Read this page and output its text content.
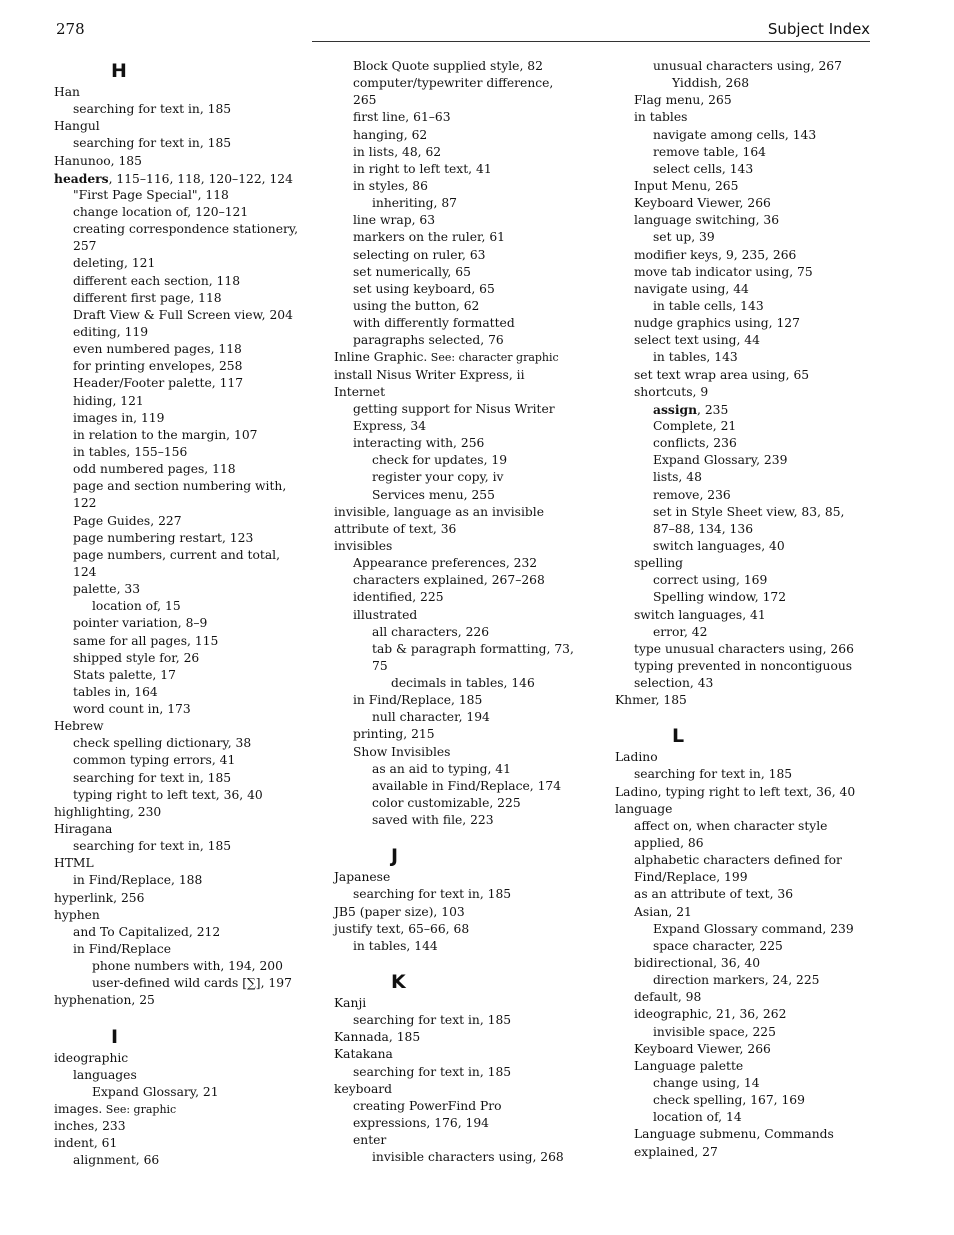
278	Subject Index
H
Han
searching for text in, 185
Hangul
searching for text in, 185
Hanunoo, 185
headers, 115–116, 118, 120–122, 124
"First Page Special", 118
change location of, 120–121
creating correspondence stationery,
257
deleting, 121
different each section, 118
different first page, 118
Draft View & Full Screen view, 204
editing, 119
even numbered pages, 118
for printing envelopes, 258
Header/Footer palette, 117
hiding, 121
images in, 119
in relation to the margin, 107
in tables, 155–156
odd numbered pages, 118
page and section numbering with,
122
Page Guides, 227
page numbering restart, 123
page numbers, current and total,
124
palette, 33
location of, 15
pointer variation, 8–9
same for all pages, 115
shipped style for, 26
Stats palette, 17
tables in, 164
word count in, 173
Hebrew
check spelling dictionary, 38
common typing errors, 41
searching for text in, 185
typing right to left text, 36, 40
highlighting, 230
Hiragana
searching for text in, 185
HTML
in Find/Replace, 188
hyperlink, 256
hyphen
and To Capitalized, 212
in Find/Replace
phone numbers with, 194, 200
user-defined wild cards [∑], 197
hyphenation, 25
I
ideographic
languages
Expand Glossary, 21
images. See: graphic
inches, 233
indent, 61
alignment, 66
Block Quote supplied style, 82
computer/typewriter difference,
265
first line, 61–63
hanging, 62
in lists, 48, 62
in right to left text, 41
in styles, 86
inheriting, 87
line wrap, 63
markers on the ruler, 61
selecting on ruler, 63
set numerically, 65
set using keyboard, 65
using the button, 62
with differently formatted
paragraphs selected, 76
Inline Graphic. See: character graphic
install Nisus Writer Express, ii
Internet
getting support for Nisus Writer
Express, 34
interacting with, 256
check for updates, 19
register your copy, iv
Services menu, 255
invisible, language as an invisible
attribute of text, 36
invisibles
Appearance preferences, 232
characters explained, 267–268
identified, 225
illustrated
all characters, 226
tab & paragraph formatting, 73,
75
decimals in tables, 146
in Find/Replace, 185
null character, 194
printing, 215
Show Invisibles
as an aid to typing, 41
available in Find/Replace, 174
color customizable, 225
saved with file, 223
J
Japanese
searching for text in, 185
JB5 (paper size), 103
justify text, 65–66, 68
in tables, 144
K
Kanji
searching for text in, 185
Kannada, 185
Katakana
searching for text in, 185
keyboard
creating PowerFind Pro
expressions, 176, 194
enter
invisible characters using, 268
unusual characters using, 267
Yiddish, 268
Flag menu, 265
in tables
navigate among cells, 143
remove table, 164
select cells, 143
Input Menu, 265
Keyboard Viewer, 266
language switching, 36
set up, 39
modifier keys, 9, 235, 266
move tab indicator using, 75
navigate using, 44
in table cells, 143
nudge graphics using, 127
select text using, 44
in tables, 143
set text wrap area using, 65
shortcuts, 9
assign, 235
Complete, 21
conflicts, 236
Expand Glossary, 239
lists, 48
remove, 236
set in Style Sheet view, 83, 85,
87–88, 134, 136
switch languages, 40
spelling
correct using, 169
Spelling window, 172
switch languages, 41
error, 42
type unusual characters using, 266
typing prevented in noncontiguous
selection, 43
Khmer, 185
L
Ladino
searching for text in, 185
Ladino, typing right to left text, 36, 40
language
affect on, when character style
applied, 86
alphabetic characters defined for
Find/Replace, 199
as an attribute of text, 36
Asian, 21
Expand Glossary command, 239
space character, 225
bidirectional, 36, 40
direction markers, 24, 225
default, 98
ideographic, 21, 36, 262
invisible space, 225
Keyboard Viewer, 266
Language palette
change using, 14
check spelling, 167, 169
location of, 14
Language submenu, Commands
explained, 27
